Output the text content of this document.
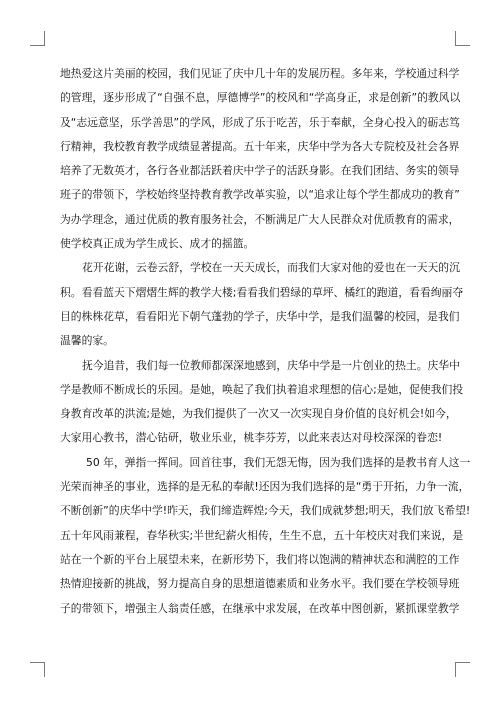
地热爱这片美丽的校园，我们见证了庆中几十年的发展历程。多年来，学校通过科学
的管理，逐步形成了“自强不息，厚德博学”的校风和“学高身正，求是创新”的教风以
及“志远意坚，乐学善思”的学风，形成了乐于吃苦，乐于奉献，全身心投入的砺志笃
行精神，我校教育教学成绩显著提高。五十年来，庆华中学为各大专院校及社会各界
培养了无数英才，各行各业都活跃着庆中学子的活跃身影。在我们团结、务实的领导
班子的带领下，学校始终坚持教育教学改革实验，以“追求让每个学生都成功的教育”
为办学理念，通过优质的教育服务社会，不断满足广大人民群众对优质教育的需求，
使学校真正成为学生成长、成才的摇篮。
花开花谢，云卷云舒，学校在一天天成长，而我们大家对他的爱也在一天天的沉
积。看看蓝天下熠熠生辉的教学大楼;看看我们碧绿的草坪、橘红的跑道，看看绚丽夺
目的株株花草，看看阳光下朝气蓬勃的学子，庆华中学，是我们温馨的校园，是我们
温馨的家。
抚今追昔，我们每一位教师都深深地感到，庆华中学是一片创业的热土。庆华中
学是教师不断成长的乐园。是她，唤起了我们执着追求理想的信心;是她，促使我们投
身教育改革的洪流;是她，为我们提供了一次又一次实现自身价值的良好机会!如今，
大家用心教书，潜心钻研，敬业乐业，桃李芬芳，以此来表达对母校深深的眷恋!
50 年，弹指一挥间。回首往事，我们无怨无悔，因为我们选择的是教书育人这一
光荣而神圣的事业，选择的是无私的奉献!还因为我们选择的是“勇于开拓，力争一流，
不断创新”的庆华中学!昨天，我们缔造辉煌;今天，我们成就梦想;明天，我们放飞希望!
五十年风雨兼程，春华秋实;半世纪薪火相传，生生不息，五十年校庆对我们来说，是
站在一个新的平台上展望未来，在新形势下，我们将以饱满的精神状态和满腔的工作
热情迎接新的挑战，努力提高自身的思想道德素质和业务水平。我们要在学校领导班
子的带领下，增强主人翁责任感，在继承中求发展，在改革中图创新，紧抓课堂教学
